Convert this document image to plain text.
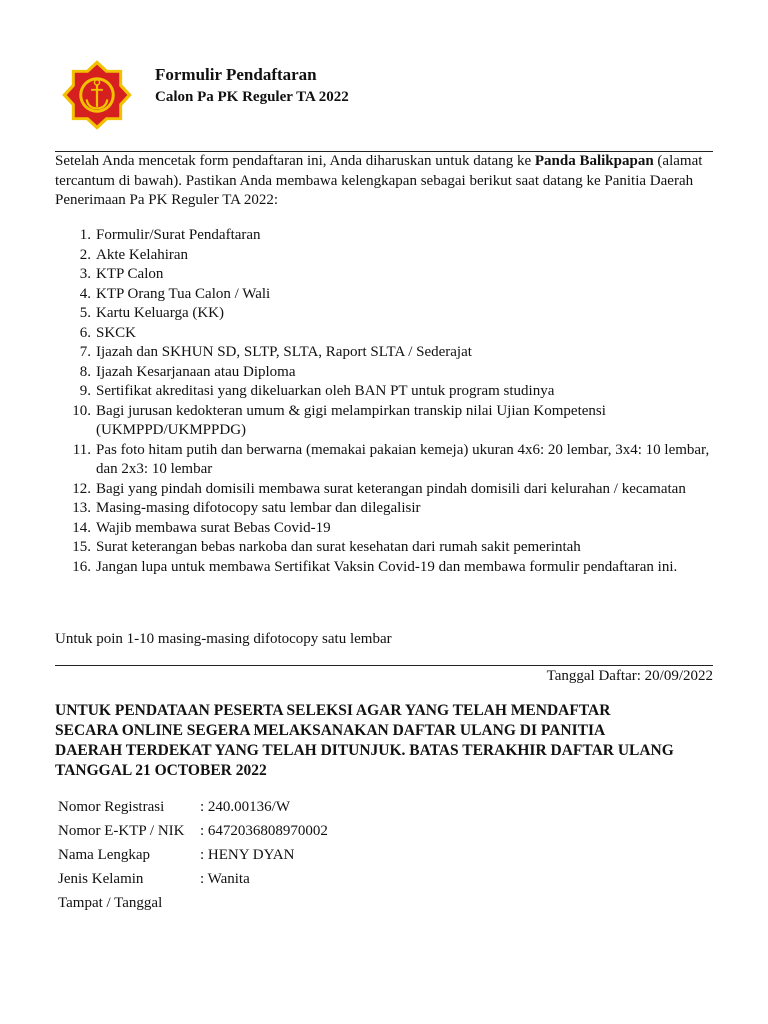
Formulir Pendaftaran
Calon Pa PK Reguler TA 2022
Setelah Anda mencetak form pendaftaran ini, Anda diharuskan untuk datang ke Panda Balikpapan (alamat tercantum di bawah). Pastikan Anda membawa kelengkapan sebagai berikut saat datang ke Panitia Daerah Penerimaan Pa PK Reguler TA 2022:
1. Formulir/Surat Pendaftaran
2. Akte Kelahiran
3. KTP Calon
4. KTP Orang Tua Calon / Wali
5. Kartu Keluarga (KK)
6. SKCK
7. Ijazah dan SKHUN SD, SLTP, SLTA, Raport SLTA / Sederajat
8. Ijazah Kesarjanaan atau Diploma
9. Sertifikat akreditasi yang dikeluarkan oleh BAN PT untuk program studinya
10. Bagi jurusan kedokteran umum & gigi melampirkan transkip nilai Ujian Kompetensi (UKMPPD/UKMPPDG)
11. Pas foto hitam putih dan berwarna (memakai pakaian kemeja) ukuran 4x6: 20 lembar, 3x4: 10 lembar, dan 2x3: 10 lembar
12. Bagi yang pindah domisili membawa surat keterangan pindah domisili dari kelurahan / kecamatan
13. Masing-masing difotocopy satu lembar dan dilegalisir
14. Wajib membawa surat Bebas Covid-19
15. Surat keterangan bebas narkoba dan surat kesehatan dari rumah sakit pemerintah
16. Jangan lupa untuk membawa Sertifikat Vaksin Covid-19 dan membawa formulir pendaftaran ini.
Untuk poin 1-10 masing-masing difotocopy satu lembar
Tanggal Daftar: 20/09/2022
UNTUK PENDATAAN PESERTA SELEKSI AGAR YANG TELAH MENDAFTAR SECARA ONLINE SEGERA MELAKSANAKAN DAFTAR ULANG DI PANITIA DAERAH TERDEKAT YANG TELAH DITUNJUK. BATAS TERAKHIR DAFTAR ULANG TANGGAL 21 OCTOBER 2022
Nomor Registrasi	: 240.00136/W
Nomor E-KTP / NIK	: 6472036808970002
Nama Lengkap	: HENY DYAN
Jenis Kelamin	: Wanita
Tampat / Tanggal	
